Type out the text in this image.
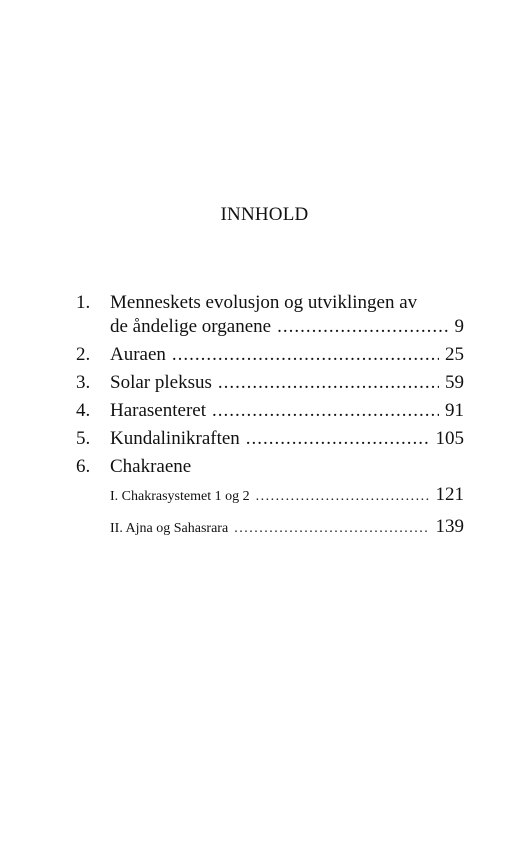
INNHOLD
1. Menneskets evolusjon og utviklingen av
de åndelige organene .....	9
2. Auraen .....	25
3. Solar pleksus .....	59
4. Harasenteret .....	91
5. Kundalinikraften .....	105
6. Chakraene
I. Chakrasystemet 1 og 2 .....	121
II. Ajna og Sahasrara .....	139
